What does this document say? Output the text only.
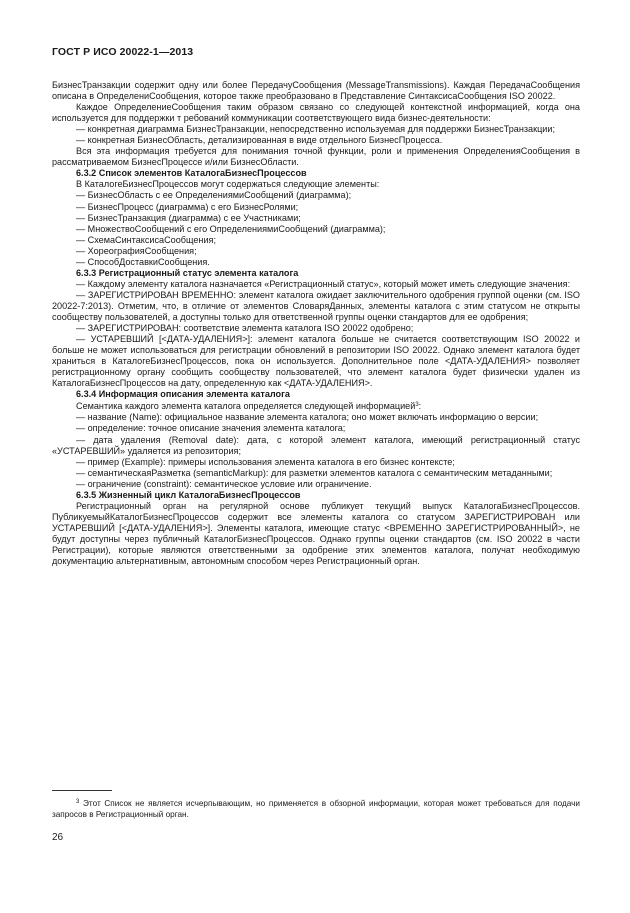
ГОСТ Р ИСО 20022-1—2013

БизнесТранзакции содержит одну или более ПередачуСообщения (MessageTransmissions). Каждая ПередачаСообщения описана в ОпределениСообщения, которое также преобразовано в Представление СинтаксисаСообщения ISO 20022.

Каждое ОпределениеСообщения таким образом связано со следующей контекстной информацией, когда она используется для поддержки т ребований коммуникации соответствующего вида бизнес-деятельности:

— конкретная диаграмма БизнесТранзакции, непосредственно используемая для поддержки БизнесТранзакции;

— конкретная БизнесОбласть, детализированная в виде отдельного БизнесПроцесса.

Вся эта информация требуется для понимания точной функции, роли и применения ОпределенияСообщения в рассматриваемом БизнесПроцессе и/или БизнесОбласти.

6.3.2 Список элементов КаталогаБизнесПроцессов

В КаталогеБизнесПроцессов могут содержаться следующие элементы:

— БизнесОбласть с ее ОпределениямиСообщений (диаграмма);

— БизнесПроцесс (диаграмма) с его БизнесРолями;

— БизнесТранзакция (диаграмма) с ее Участниками;

— МножествоСообщений с его ОпределениямиСообщений (диаграмма);

— СхемаСинтаксисаСообщения;

— ХореографияСообщения;

— СпособДоставкиСообщения.

6.3.3 Регистрационный статус элемента каталога

— Каждому элементу каталога назначается «Регистрационный статус», который может иметь следующие значения:

— ЗАРЕГИСТРИРОВАН ВРЕМЕННО: элемент каталога ожидает заключительного одобрения группой оценки (см. ISO 20022-7:2013). Отметим, что, в отличие от элементов СловаряДанных, элементы каталога с этим статусом не открыты сообществу пользователей, а доступны только для ответственной группы оценки стандартов для ее одобрения;

— ЗАРЕГИСТРИРОВАН: соответствие элемента каталога ISO 20022 одобрено;

— УСТАРЕВШИЙ [<ДАТА-УДАЛЕНИЯ>]: элемент каталога больше не считается соответствующим ISO 20022 и больше не может использоваться для регистрации обновлений в репозитории ISO 20022. Однако элемент каталога будет храниться в КаталогеБизнесПроцессов, пока он используется. Дополнительное поле <ДАТА-УДАЛЕНИЯ> позволяет регистрационному органу сообщить сообществу пользователей, что элемент каталога будет физически удален из КаталогаБизнесПроцессов на дату, определенную как <ДАТА-УДАЛЕНИЯ>.

6.3.4 Информация описания элемента каталога

Семантика каждого элемента каталога определяется следующей информацией$^3$:

— название (Name): официальное название элемента каталога; оно может включать информацию о версии;

— определение: точное описание значения элемента каталога;

— дата удаления (Removal date): дата, с которой элемент каталога, имеющий регистрационный статус «УСТАРЕВШИЙ» удаляется из репозитория;

— пример (Example): примеры использования элемента каталога в его бизнес контексте;

— семантическаяРазметка (semanticMarkup): для разметки элементов каталога с семантическим метаданными;

— ограничение (constraint): семантическое условие или ограничение.

6.3.5 Жизненный цикл КаталогаБизнесПроцессов

Регистрационный орган на регулярной основе публикует текущий выпуск КаталогаБизнесПроцессов. ПубликуемыйКаталогБизнесПроцессов содержит все элементы каталога со статусом ЗАРЕГИСТРИРОВАН или УСТАРЕВШИЙ [<ДАТА-УДАЛЕНИЯ>]. Элементы каталога, имеющие статус <ВРЕМЕННО ЗАРЕГИСТРИРОВАННЫЙ>, не будут доступны через публичный КаталогБизнесПроцессов. Однако группы оценки стандартов (см. ISO 20022 в части Регистрации), которые являются ответственными за одобрение этих элементов каталога, получат необходимую документацию альтернативным, автономным способом через Регистрационный орган.

$^3$ Этот Список не является исчерпывающим, но применяется в обзорной информации, которая может требоваться для подачи запросов в Регистрационный орган.
26
